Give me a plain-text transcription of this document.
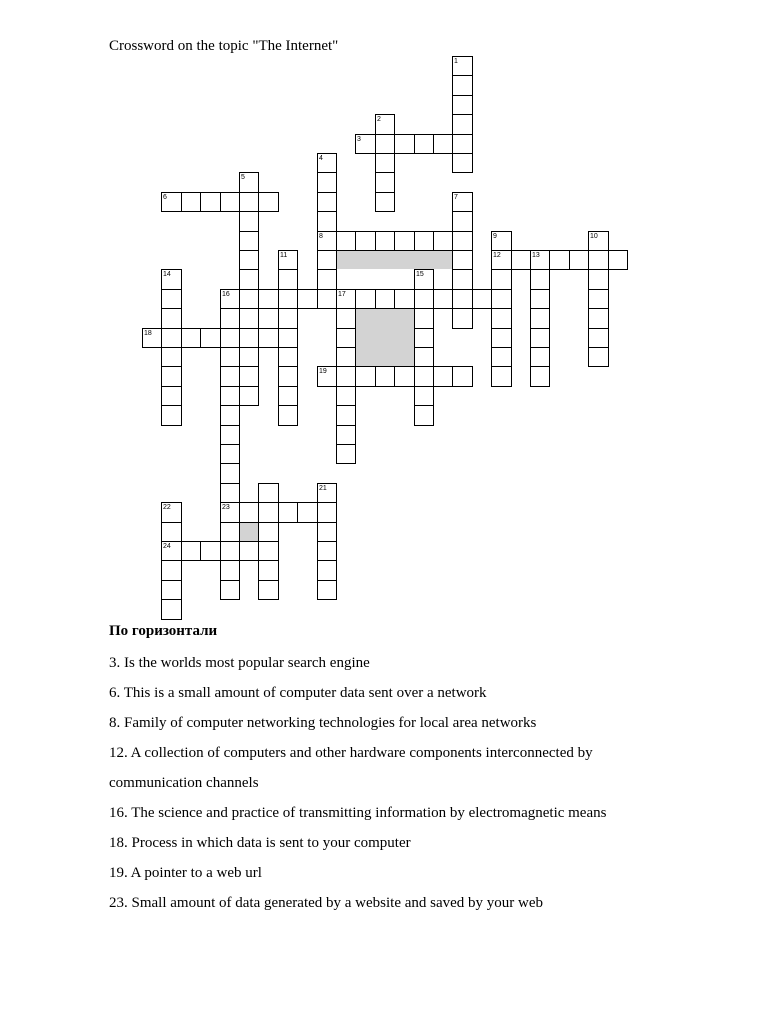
Crossword on the topic "The Internet"
1
2
3
4
5
6	7
8	9	10
11	12	13
14	15
16	17
18
19
21
22	23
24
По горизонтали
3. Is the worlds most popular search engine
6. This is a small amount of computer data sent over a network
8. Family of computer networking technologies for local area networks
12. A collection of computers and other hardware components interconnected by communication channels
16. The science and practice of transmitting information by electromagnetic means
18. Process in which data is sent to your computer
19. A pointer to a web url
23. Small amount of data generated by a website and saved by your web
